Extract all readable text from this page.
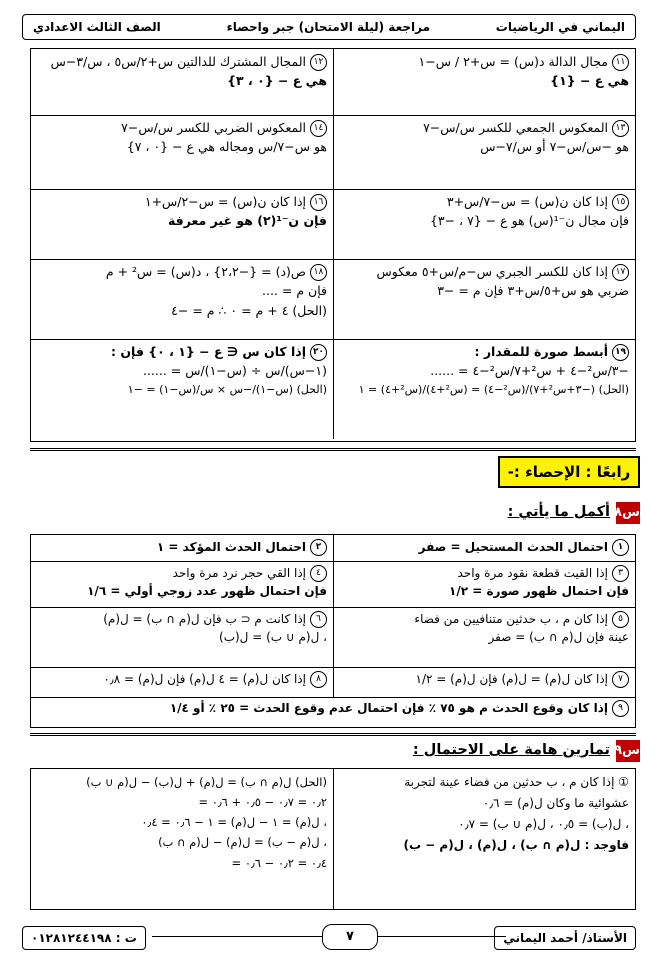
اليماني في الرياضيات
مراجعة (ليلة الامتحان) جبر واحصاء
الصف الثالث الاعدادي
١١مجال الدالة د(س) = س+٢ / س−١
هي ع − {١}
١٢المجال المشترك للدالتين س+٢/س٥ ، س/٣−س
هي ع − {٠ ، ٣}
١٣المعكوس الجمعي للكسر س/س−٧
هو −س/س−٧ أو س/٧−س
١٤المعكوس الضربي للكسر س/س−٧
هو س−٧/س ومجاله هي ع − {٠ ، ٧}
١٥إذا كان ن(س) = س−٧/س+٣
فإن مجال ن⁻¹(س) هو ع − {٧ ، −٣}
١٦إذا كان ن(س) = س−٢/س+١
فإن ن⁻¹(٢) هو غير معرفة
١٧إذا كان للكسر الجبري س−م/س+٥ معكوس
ضربي هو س+٥/س+٣ فإن م = −٣
١٨ص(د) = {−٢،٢} ، د(س) = س² + م
فإن م = ....
(الحل) ٤ + م = ٠ ∴ م = −٤
١٩أبسط صورة للمقدار :
−٣/س²−٤ + س²+٧/س²−٤ = ......
(الحل) (−٣+س²+٧)/(س²−٤) = (س²+٤)/(س²+٤) = ١
٢٠إذا كان س ∈ ع − {١ ، ٠} فإن :
(١−س)/س ÷ (س−١)/س = ......
(الحل) (س−١)/−س × س/(س−١) = −١
رابعًا : الإحصاء :-
س٨
أكمل ما يأتي :
١احتمال الحدث المستحيل = صفر
٢احتمال الحدث المؤكد = ١
٣إذا القيت قطعة نقود مرة واحد
فإن احتمال ظهور صورة = ١/٢
٤إذا القي حجر نرد مرة واحد
فإن احتمال ظهور عدد زوجي أولي = ١/٦
٥إذا كان م ، ب حدثين متنافيين من فضاء
عينة فإن ل(م ∩ ب) = صفر
٦إذا كانت م ⊂ ب فإن ل(م ∩ ب) = ل(م)
، ل(م ∪ ب) = ل(ب)
٧إذا كان ل(م) = ل(م) فإن ل(م) = ١/٢
٨إذا كان ل(م) = ٤ ل(م) فإن ل(م) = ٠٫٨
٩إذا كان وقوع الحدث م هو ٧٥ ٪ فإن احتمال عدم وقوع الحدث = ٢٥ ٪ أو ١/٤
س٩
تمارين هامة على الاحتمال :
① إذا كان م ، ب حدثين من فضاء عينة لتجربة
عشوائية ما وكان ل(م) = ٠٫٦
، ل(ب) = ٠٫٥ ، ل(م ∪ ب) = ٠٫٧
فاوجد : ل(م ∩ ب) ، ل(م) ، ل(م − ب)
(الحل) ل(م ∩ ب) = ل(م) + ل(ب) − ل(م ∪ ب)
٠٫٢ = ٠٫٧ − ٠٫٥ + ٠٫٦ =
، ل(م) = ١ − ل(م) = ١ − ٠٫٦ = ٠٫٤
، ل(م − ب) = ل(م) − ل(م ∩ ب)
٠٫٤ = ٠٫٢ − ٠٫٦ =
الأستاذ/ أحمد اليماني
٧
ت : ٠١٢٨١٢٤٤١٩٨
